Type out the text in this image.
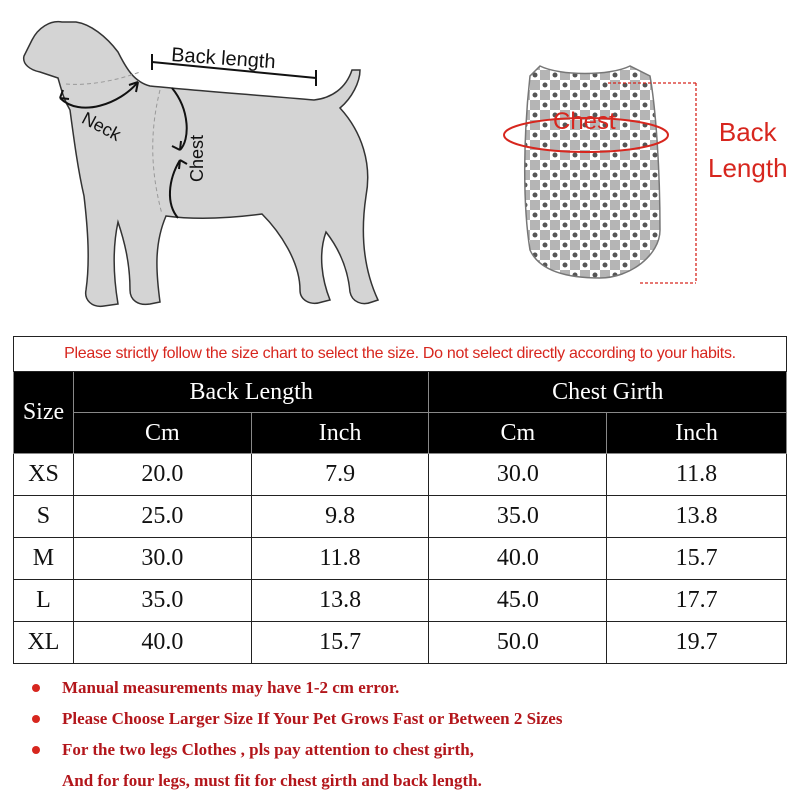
Back length
Neck
Chest
Chest	Back
Length
Please strictly follow the size chart to select the size. Do not select directly according to your habits.				
Size	Back Length		Chest Girth	
	Cm	Inch	Cm	Inch
XS	20.0	7.9	30.0	11.8
S	25.0	9.8	35.0	13.8
M	30.0	11.8	40.0	15.7
L	35.0	13.8	45.0	17.7
XL	40.0	15.7	50.0	19.7
Manual measurements may have 1-2 cm error.
Please Choose Larger Size If Your Pet Grows Fast or Between 2 Sizes
For the two legs Clothes , pls pay attention to chest girth,
And for four legs, must fit for chest girth and back length.
